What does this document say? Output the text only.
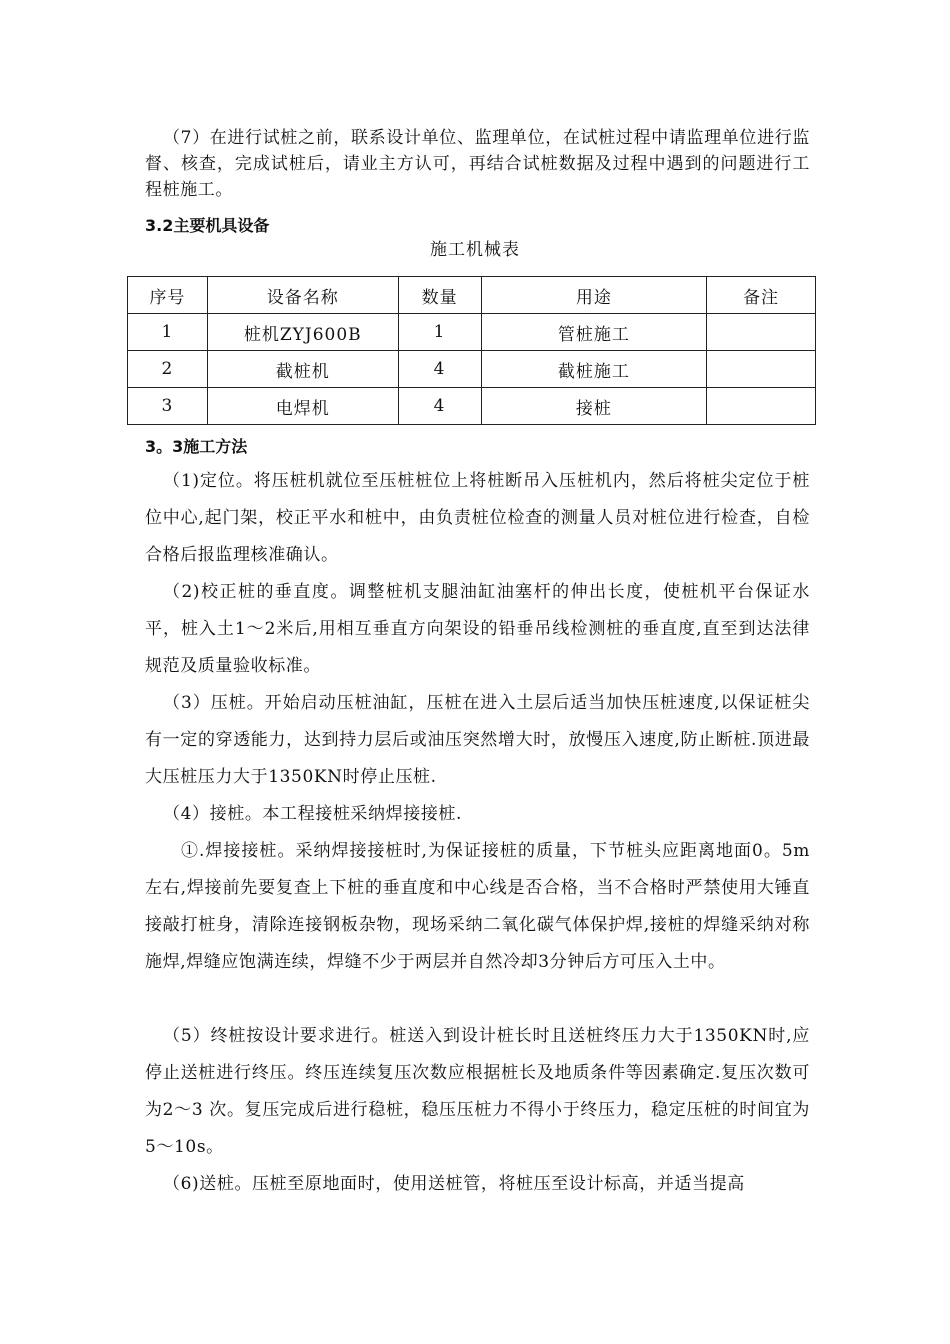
（7）在进行试桩之前，联系设计单位、监理单位，在试桩过程中请监理单位进行监督、核查，完成试桩后，请业主方认可，再结合试桩数据及过程中遇到的问题进行工程桩施工。

3.2主要机具设备

施工机械表

序号	设备名称	数量	用途	备注
1	桩机ZYJ600B	1	管桩施工	
2	截桩机	4	截桩施工	
3	电焊机	4	接桩	
3。3施工方法

（1)定位。将压桩机就位至压桩桩位上将桩断吊入压桩机内，然后将桩尖定位于桩位中心,起门架，校正平水和桩中，由负责桩位检查的测量人员对桩位进行检查，自检合格后报监理核准确认。

（2)校正桩的垂直度。调整桩机支腿油缸油塞杆的伸出长度，使桩机平台保证水平，桩入土1～2米后,用相互垂直方向架设的铅垂吊线检测桩的垂直度,直至到达法律规范及质量验收标准。

（3）压桩。开始启动压桩油缸，压桩在进入土层后适当加快压桩速度,以保证桩尖有一定的穿透能力，达到持力层后或油压突然增大时，放慢压入速度,防止断桩.顶进最大压桩压力大于1350KN时停止压桩.

（4）接桩。本工程接桩采纳焊接接桩.

①.焊接接桩。采纳焊接接桩时,为保证接桩的质量，下节桩头应距离地面0。5m左右,焊接前先要复查上下桩的垂直度和中心线是否合格，当不合格时严禁使用大锤直接敲打桩身，清除连接钢板杂物，现场采纳二氧化碳气体保护焊,接桩的焊缝采纳对称施焊,焊缝应饱满连续，焊缝不少于两层并自然冷却3分钟后方可压入土中。

（5）终桩按设计要求进行。桩送入到设计桩长时且送桩终压力大于1350KN时,应停止送桩进行终压。终压连续复压次数应根据桩长及地质条件等因素确定.复压次数可为2～3 次。复压完成后进行稳桩，稳压压桩力不得小于终压力，稳定压桩的时间宜为5～10s。

（6)送桩。压桩至原地面时，使用送桩管，将桩压至设计标高，并适当提高
